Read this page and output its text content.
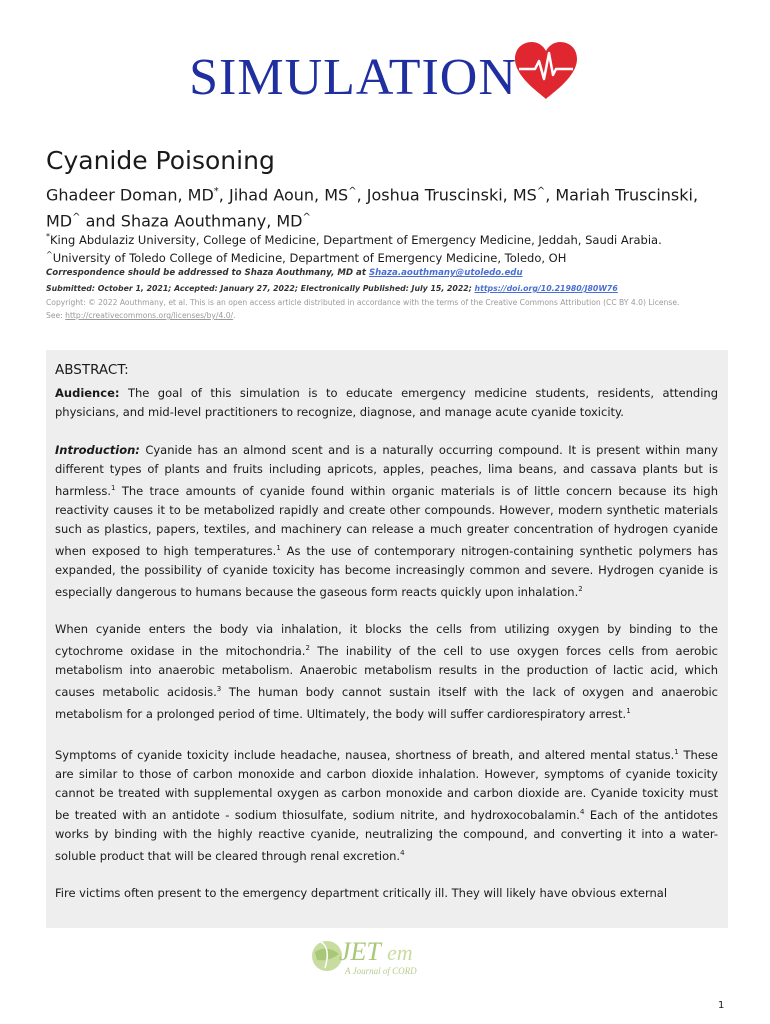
SIMULATION
Cyanide Poisoning
Ghadeer Doman, MD*, Jihad Aoun, MS^, Joshua Truscinski, MS^, Mariah Truscinski,
MD^ and Shaza Aouthmany, MD^
*King Abdulaziz University, College of Medicine, Department of Emergency Medicine, Jeddah, Saudi Arabia.
^University of Toledo College of Medicine, Department of Emergency Medicine, Toledo, OH
Correspondence should be addressed to Shaza Aouthmany, MD at Shaza.aouthmany@utoledo.edu
Submitted: October 1, 2021; Accepted: January 27, 2022; Electronically Published: July 15, 2022; https://doi.org/10.21980/J80W76
Copyright: © 2022 Aouthmany, et al. This is an open access article distributed in accordance with the terms of the Creative Commons Attribution (CC BY 4.0) License.
See: http://creativecommons.org/licenses/by/4.0/.
ABSTRACT:

Audience: The goal of this simulation is to educate emergency medicine students, residents, attending physicians, and mid-level practitioners to recognize, diagnose, and manage acute cyanide toxicity.

Introduction: Cyanide has an almond scent and is a naturally occurring compound. It is present within many different types of plants and fruits including apricots, apples, peaches, lima beans, and cassava plants but is harmless.$^1$ The trace amounts of cyanide found within organic materials is of little concern because its high reactivity causes it to be metabolized rapidly and create other compounds. However, modern synthetic materials such as plastics, papers, textiles, and machinery can release a much greater concentration of hydrogen cyanide when exposed to high temperatures.$^1$ As the use of contemporary nitrogen-containing synthetic polymers has expanded, the possibility of cyanide toxicity has become increasingly common and severe. Hydrogen cyanide is especially dangerous to humans because the gaseous form reacts quickly upon inhalation.$^2$

When cyanide enters the body via inhalation, it blocks the cells from utilizing oxygen by binding to the cytochrome oxidase in the mitochondria.$^2$ The inability of the cell to use oxygen forces cells from aerobic metabolism into anaerobic metabolism. Anaerobic metabolism results in the production of lactic acid, which causes metabolic acidosis.$^3$ The human body cannot sustain itself with the lack of oxygen and anaerobic metabolism for a prolonged period of time. Ultimately, the body will suffer cardiorespiratory arrest.$^1$

Symptoms of cyanide toxicity include headache, nausea, shortness of breath, and altered mental status.$^1$ These are similar to those of carbon monoxide and carbon dioxide inhalation. However, symptoms of cyanide toxicity cannot be treated with supplemental oxygen as carbon monoxide and carbon dioxide are. Cyanide toxicity must be treated with an antidote - sodium thiosulfate, sodium nitrite, and hydroxocobalamin.$^4$ Each of the antidotes works by binding with the highly reactive cyanide, neutralizing the compound, and converting it into a water-soluble product that will be cleared through renal excretion.$^4$

Fire victims often present to the emergency department critically ill. They will likely have obvious external

JET em
A Journal of CORD
1
